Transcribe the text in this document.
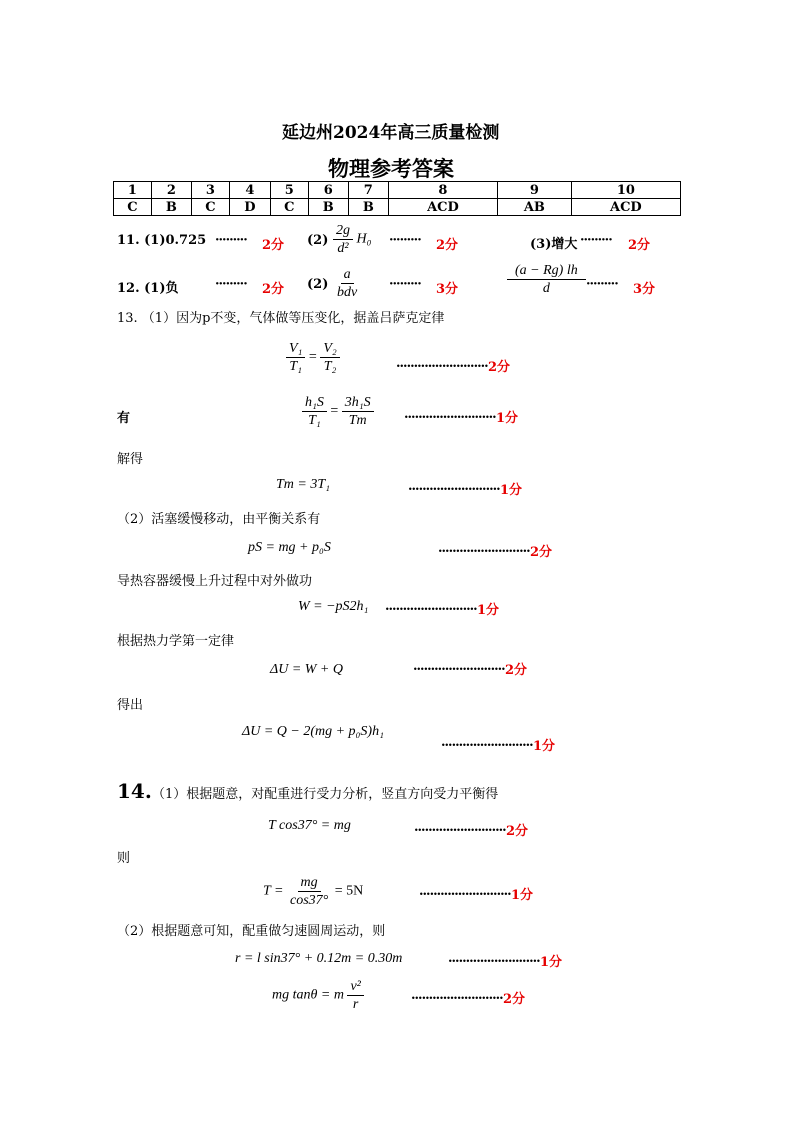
延边州2024年高三质量检测
物理参考答案
1	2	3	4	5	6	7	8	9	10
C	B	C	D	C	B	B	ACD	AB	ACD
11. (1)0.725 ········· 2分 $(2) \frac{2g}{\text{d²}} H_0$ ········· 2分	(3)增大 ········· 2分
12. (1)负	········· 2分 $(2) \frac{a}{\text{bdv}}$ ········· 3分	$\frac{(a - Rg) lh}{d}$ ········· 3分
13. （1）因为p不变，气体做等压变化，据盖吕萨克定律
$\frac{\text{V₁}}{\text{T₁}} = \frac{\text{V₂}}{\text{T₂}}$	.......................... 2分
有	$\frac{\text{h₁S}}{\text{T₁}} = \frac{\text{3h₁S}}{Tm}$ .......................... 1分
解得
Tm = 3T₁	.......................... 1分
（2）活塞缓慢移动，由平衡关系有
pS = mg + p₀S	.......................... 2分
导热容器缓慢上升过程中对外做功
W = −pS2h₁ .......................... 1分
根据热力学第一定律
ΔU = W + Q	.......................... 2分
得出
ΔU = Q − 2(mg + p₀S)h₁
.......................... 1分
14. （1）根据题意，对配重进行受力分析，竖直方向受力平衡得
T cos37° = mg	.......................... 2分
则
$T = \frac{mg}{\cos 37^\circ} = 5N$	.......................... 1分
（2）根据题意可知，配重做匀速圆周运动，则
r = l sin37° + 0.12m = 0.30m	.......................... 1分
mg tanθ = m $\frac{\text{v²}}{r}$	.......................... 2分
